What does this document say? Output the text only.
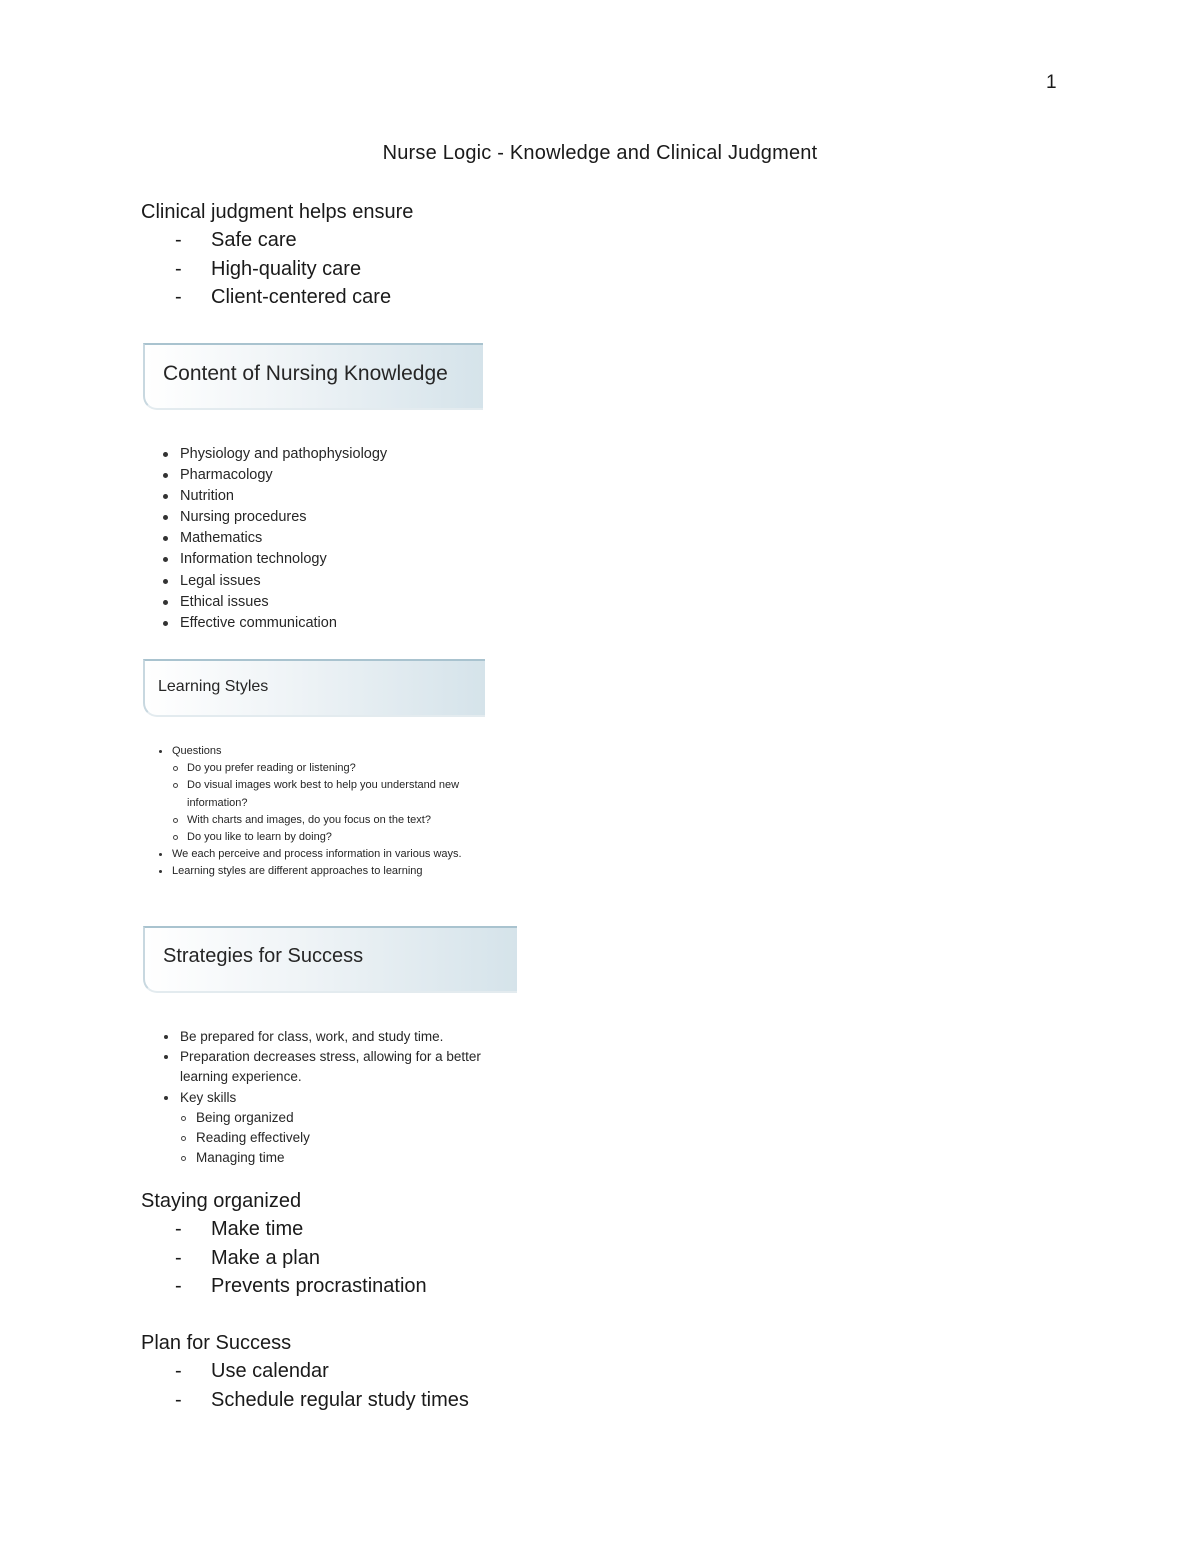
1
Nurse Logic - Knowledge and Clinical Judgment

Clinical judgment helps ensure

- Safe care
- High-quality care
- Client-centered care
Content of Nursing Knowledge
Physiology and pathophysiology
Pharmacology
Nutrition
Nursing procedures
Mathematics
Information technology
Legal issues
Ethical issues
Effective communication
Learning Styles
Questions
Do you prefer reading or listening?
Do visual images work best to help you understand new information?
With charts and images, do you focus on the text?
Do you like to learn by doing?
We each perceive and process information in various ways.
Learning styles are different approaches to learning
Strategies for Success
Be prepared for class, work, and study time.
Preparation decreases stress, allowing for a better learning experience.
Key skills
Being organized
Reading effectively
Managing time

Staying organized

- Make time
- Make a plan
- Prevents procrastination

Plan for Success

- Use calendar
- Schedule regular study times
